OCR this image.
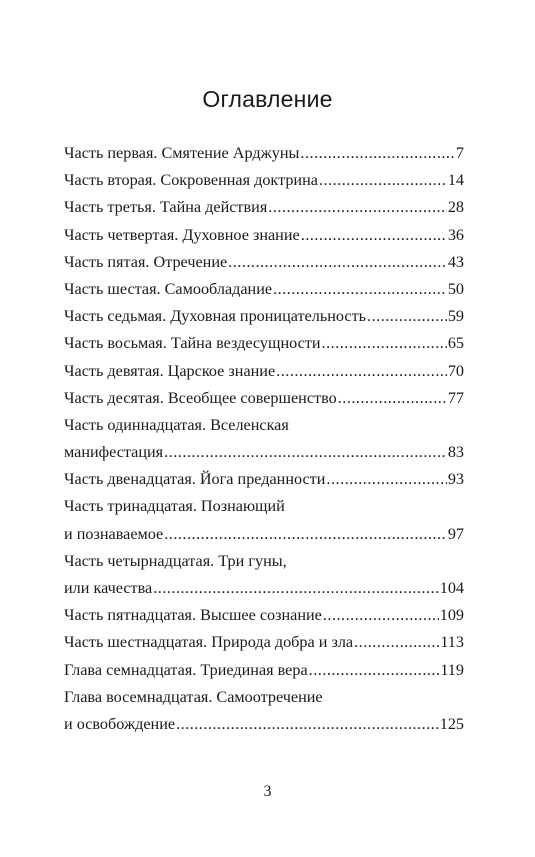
Оглавление
Часть первая. Смятение Арджуны .....	7
Часть вторая. Сокровенная доктрина .....	14
Часть третья. Тайна действия .....	28
Часть четвертая. Духовное знание .....	36
Часть пятая. Отречение .....	43
Часть шестая. Самообладание .....	50
Часть седьмая. Духовная проницательность .....	59
Часть восьмая. Тайна вездесущности .....	65
Часть девятая. Царское знание .....	70
Часть десятая. Всеобщее совершенство .....	77
Часть одиннадцатая. Вселенская
манифестация .....	83
Часть двенадцатая. Йога преданности .....	93
Часть тринадцатая. Познающий
и познаваемое .....	97
Часть четырнадцатая. Три гуны,
или качества .....	104
Часть пятнадцатая. Высшее сознание .....	109
Часть шестнадцатая. Природа добра и зла .....	113
Глава семнадцатая. Триединая вера .....	119
Глава восемнадцатая. Самоотречение
и освобождение .....	125
3
